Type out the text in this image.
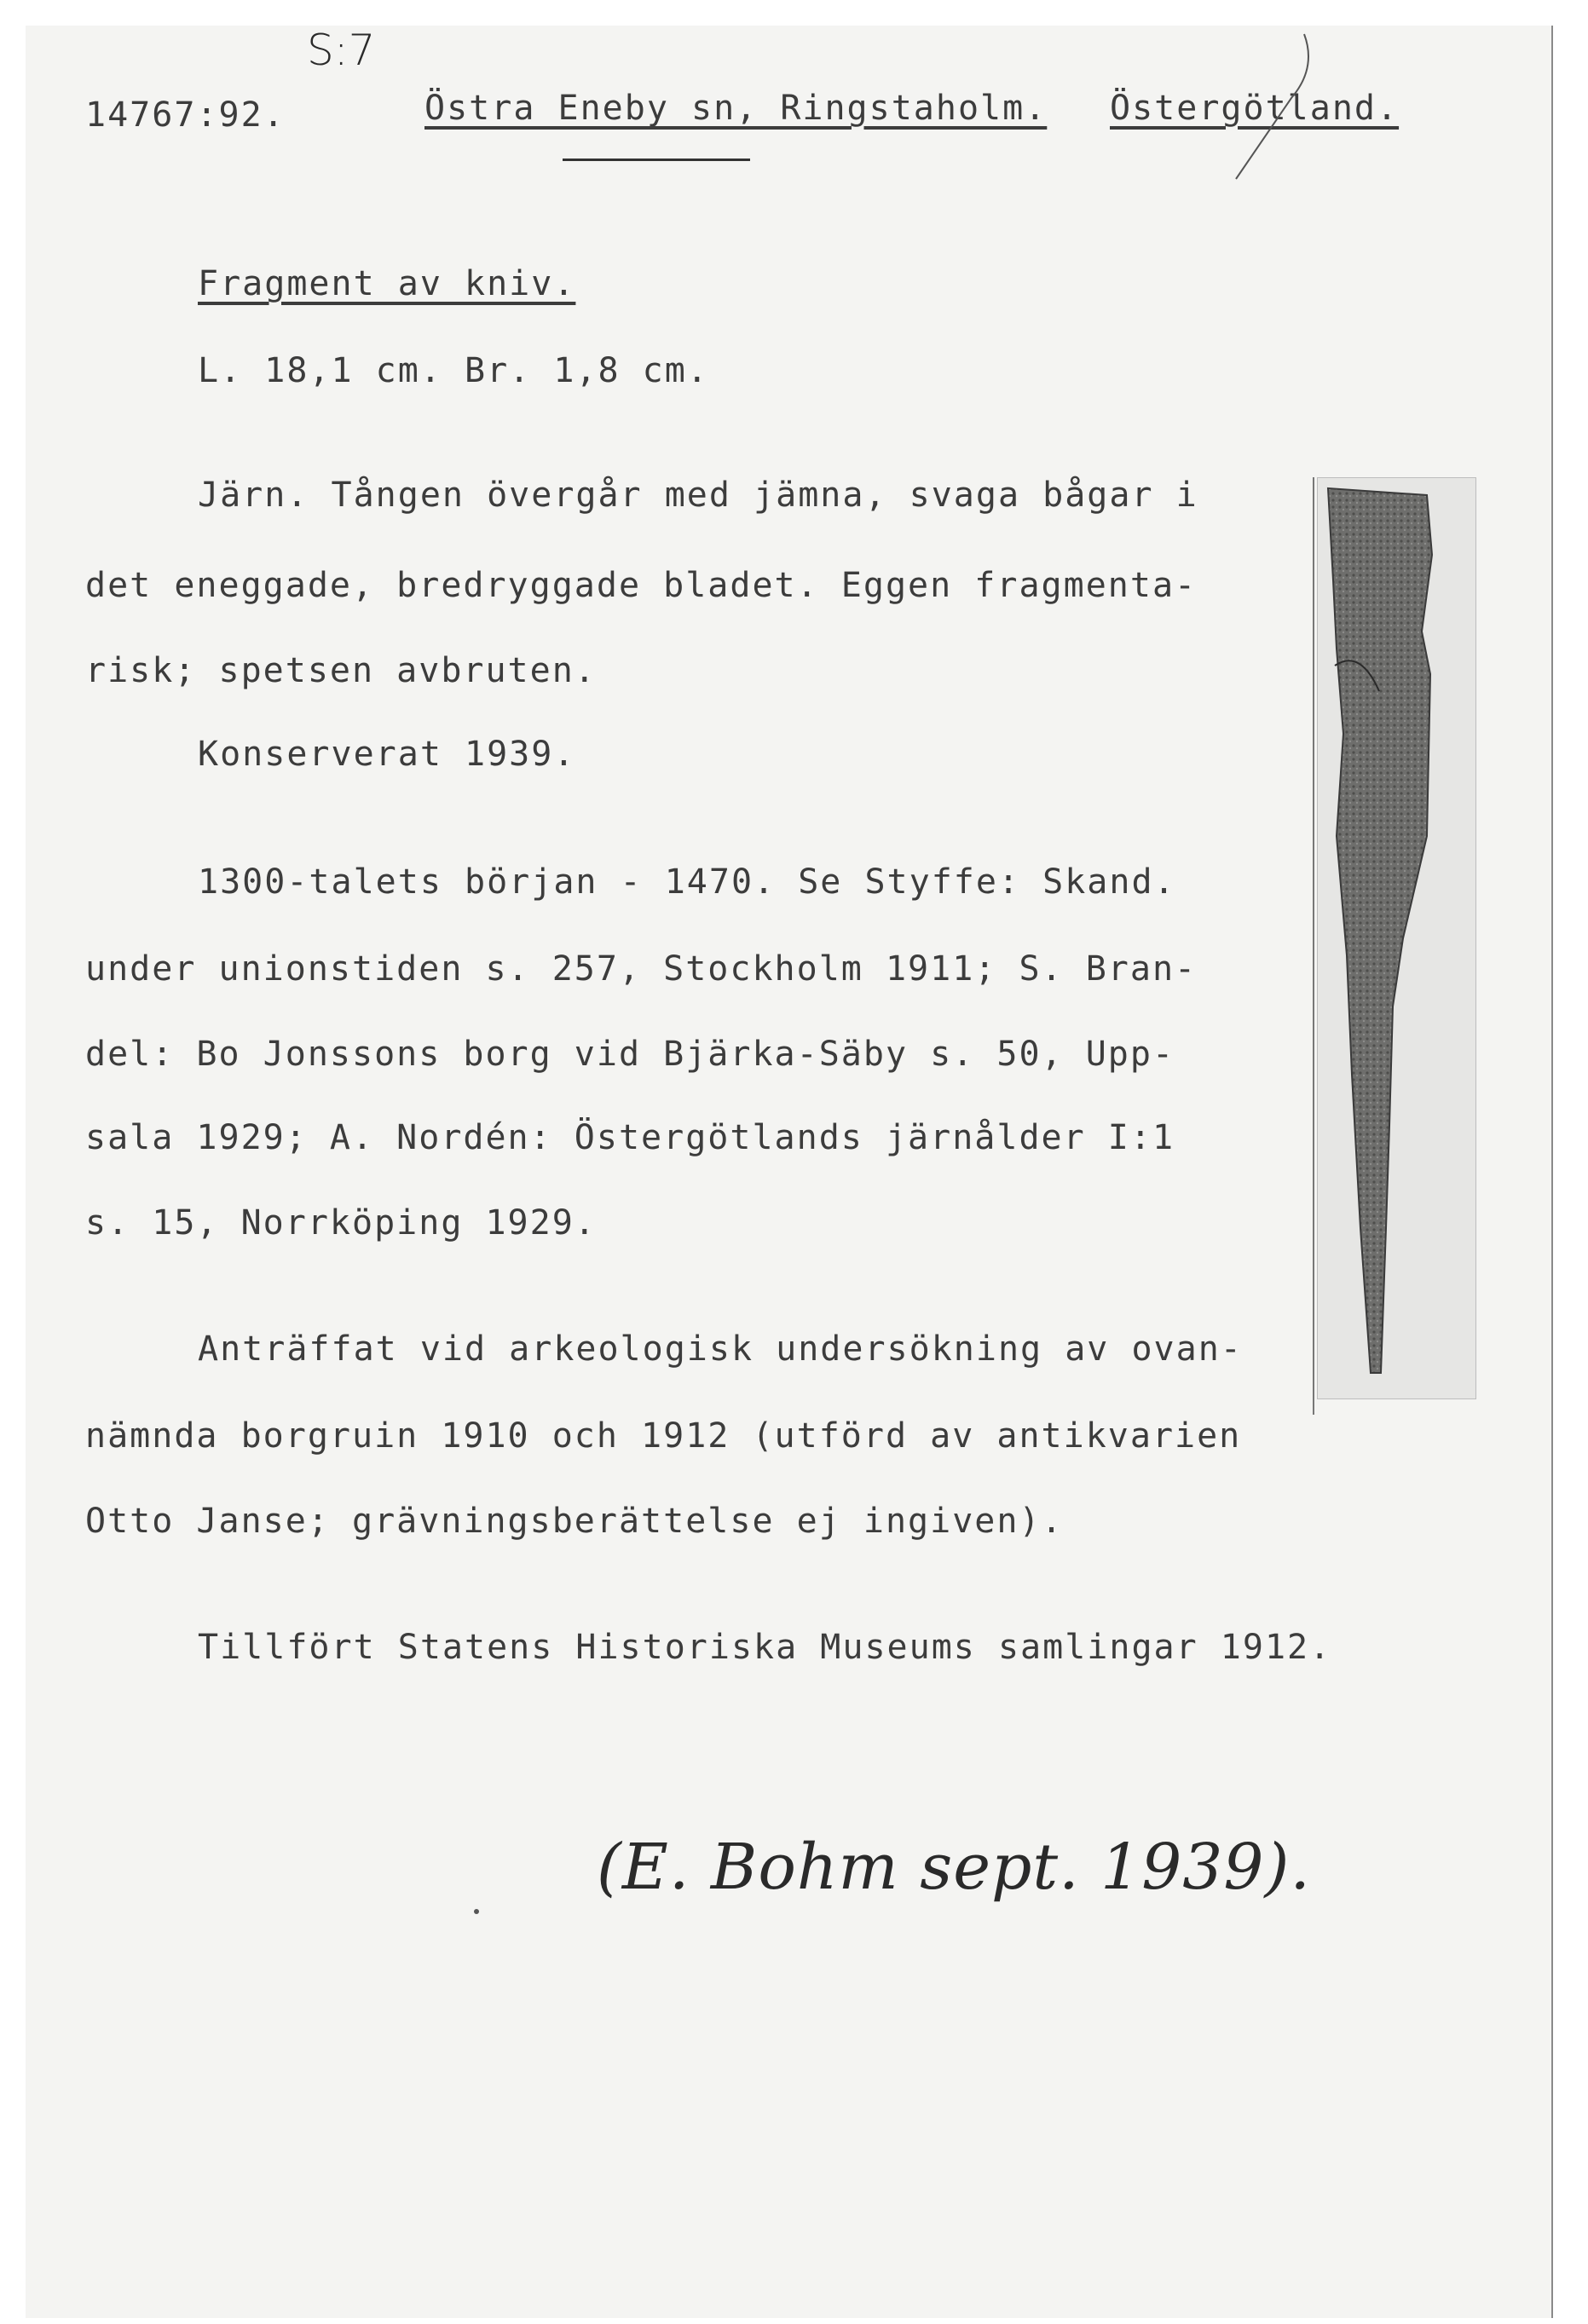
S:7
14767:92.	Östra Eneby sn, Ringstaholm. Östergötland.
Fragment av kniv.
L. 18,1 cm. Br. 1,8 cm.
Järn. Tången övergår med jämna, svaga bågar i
det eneggade, bredryggade bladet. Eggen fragmenta-
risk; spetsen avbruten.
Konserverat 1939.
1300-talets början - 1470. Se Styffe: Skand.
under unionstiden s. 257, Stockholm 1911; S. Bran-
del: Bo Jonssons borg vid Bjärka-Säby s. 50, Upp-
sala 1929; A. Nordén: Östergötlands järnålder I:1
s. 15, Norrköping 1929.
Anträffat vid arkeologisk undersökning av ovan-
nämnda borgruin 1910 och 1912 (utförd av antikvarien
Otto Janse; grävningsberättelse ej ingiven).
Tillfört Statens Historiska Museums samlingar 1912.
(E. Bohm sept. 1939).
